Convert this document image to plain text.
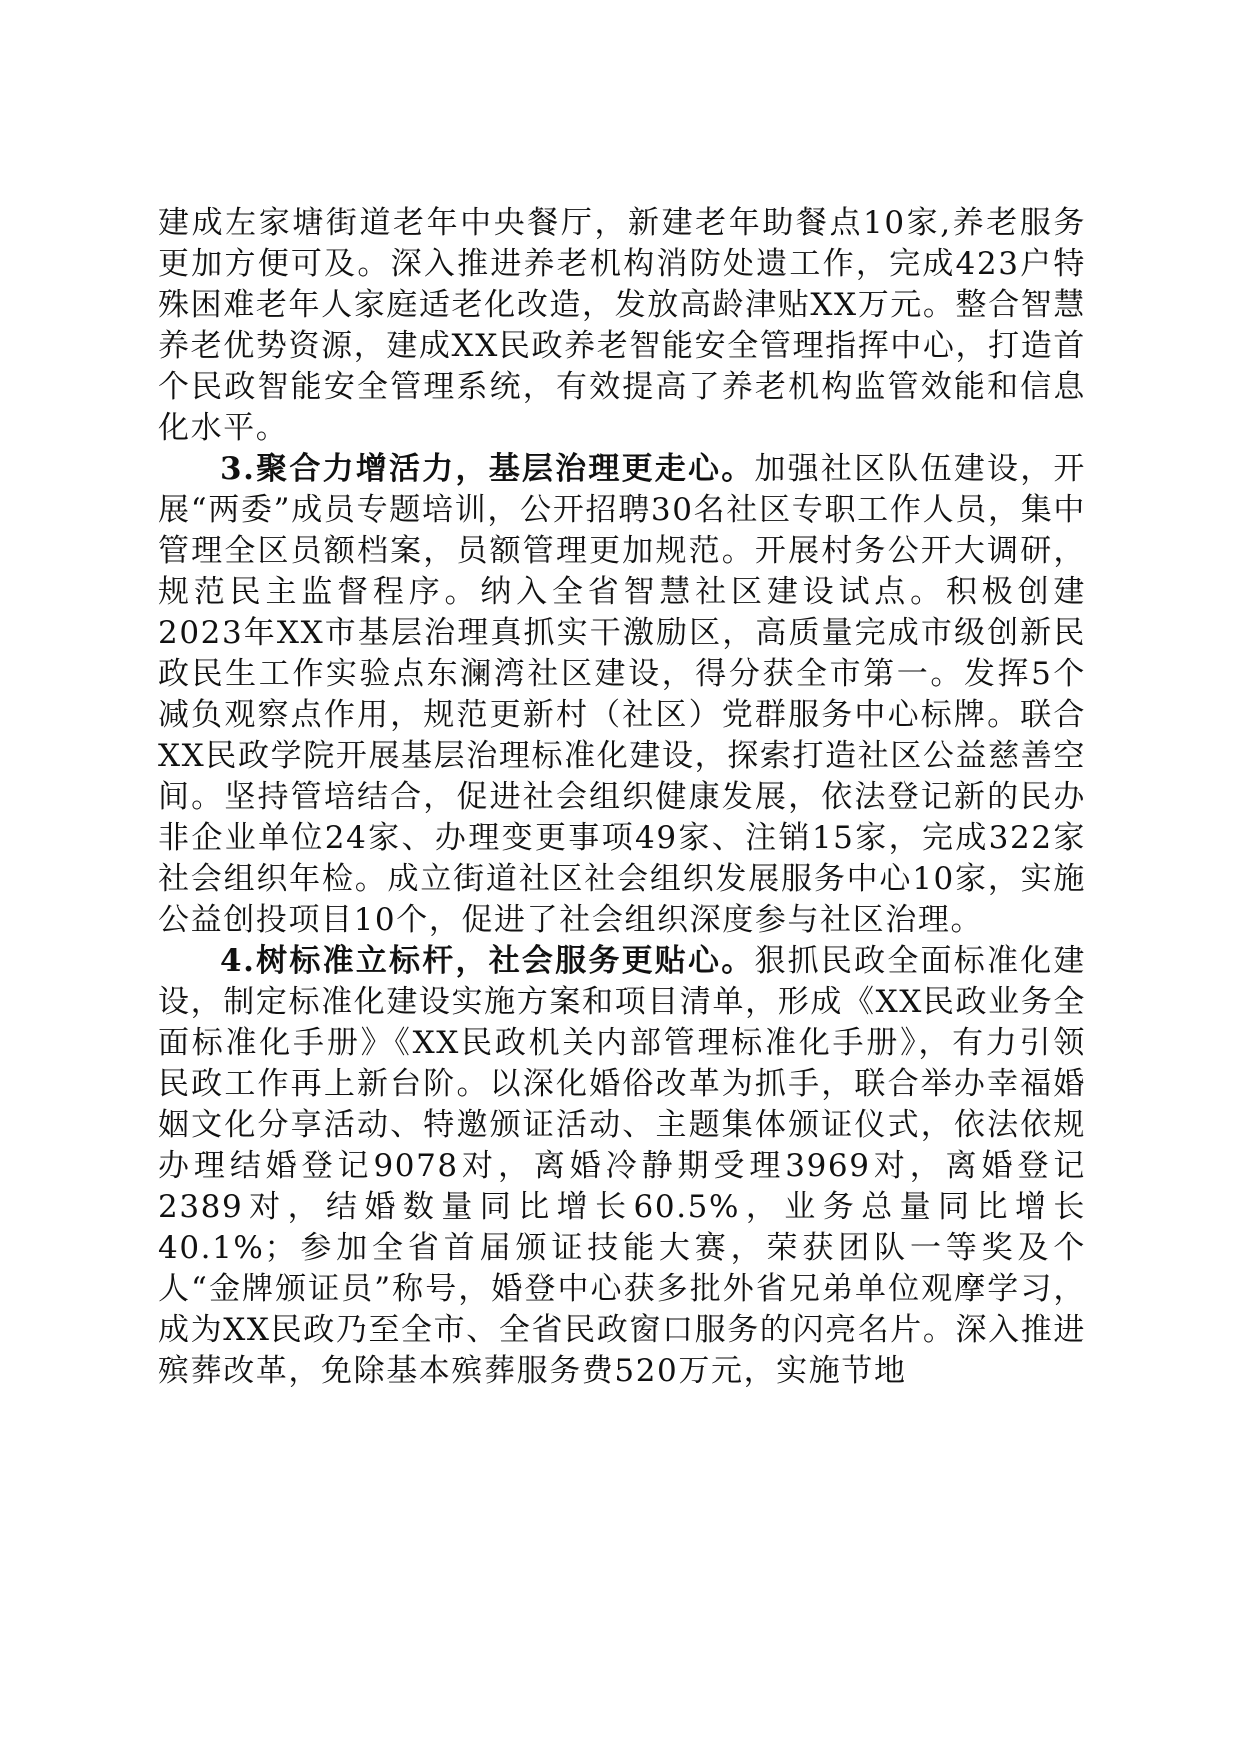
建成左家塘街道老年中央餐厅，新建老年助餐点10家,养老服务更加方便可及。深入推进养老机构消防处遗工作，完成423户特殊困难老年人家庭适老化改造，发放高龄津贴XX万元。整合智慧养老优势资源，建成XX民政养老智能安全管理指挥中心，打造首个民政智能安全管理系统，有效提高了养老机构监管效能和信息化水平。

3.聚合力增活力，基层治理更走心。加强社区队伍建设，开展“两委”成员专题培训，公开招聘30名社区专职工作人员，集中管理全区员额档案，员额管理更加规范。开展村务公开大调研，规范民主监督程序。纳入全省智慧社区建设试点。积极创建2023年XX市基层治理真抓实干激励区，高质量完成市级创新民政民生工作实验点东澜湾社区建设，得分获全市第一。发挥5个减负观察点作用，规范更新村（社区）党群服务中心标牌。联合XX民政学院开展基层治理标准化建设，探索打造社区公益慈善空间。坚持管培结合，促进社会组织健康发展，依法登记新的民办非企业单位24家、办理变更事项49家、注销15家，完成322家社会组织年检。成立街道社区社会组织发展服务中心10家，实施公益创投项目10个，促进了社会组织深度参与社区治理。

4.树标准立标杆，社会服务更贴心。狠抓民政全面标准化建设，制定标准化建设实施方案和项目清单，形成《XX民政业务全面标准化手册》《XX民政机关内部管理标准化手册》，有力引领民政工作再上新台阶。以深化婚俗改革为抓手，联合举办幸福婚姻文化分享活动、特邀颁证活动、主题集体颁证仪式，依法依规办理结婚登记9078对，离婚冷静期受理3969对，离婚登记2389对，结婚数量同比增长60.5%，业务总量同比增长40.1%；参加全省首届颁证技能大赛，荣获团队一等奖及个人“金牌颁证员”称号，婚登中心获多批外省兄弟单位观摩学习，成为XX民政乃至全市、全省民政窗口服务的闪亮名片。深入推进殡葬改革，免除基本殡葬服务费520万元，实施节地
